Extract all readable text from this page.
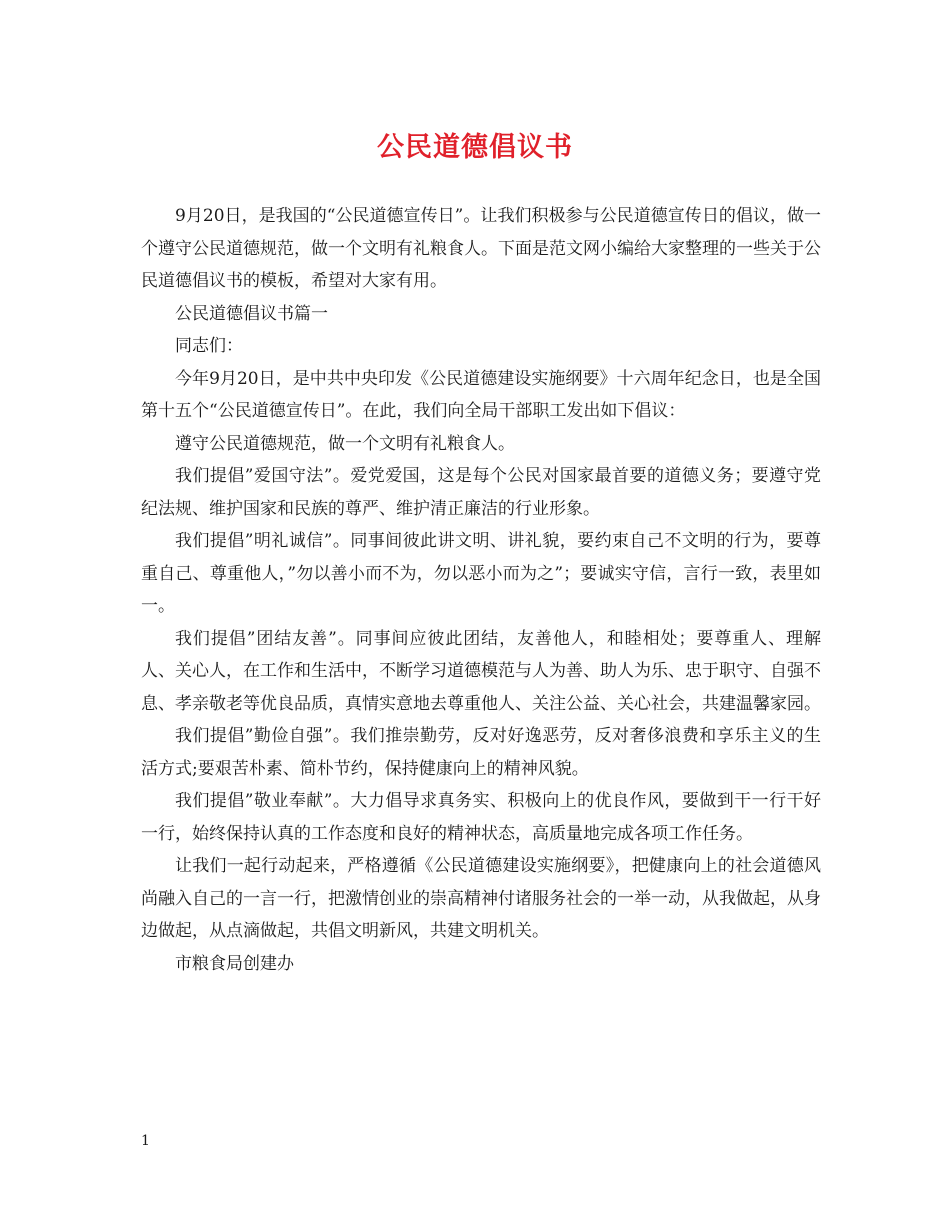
公民道德倡议书

9月20日，是我国的“公民道德宣传日”。让我们积极参与公民道德宣传日的倡议，做一个遵守公民道德规范，做一个文明有礼粮食人。下面是范文网小编给大家整理的一些关于公民道德倡议书的模板，希望对大家有用。

公民道德倡议书篇一

同志们：

今年9月20日，是中共中央印发《公民道德建设实施纲要》十六周年纪念日，也是全国第十五个“公民道德宣传日”。在此，我们向全局干部职工发出如下倡议：

遵守公民道德规范，做一个文明有礼粮食人。

我们提倡”爱国守法”。爱党爱国，这是每个公民对国家最首要的道德义务；要遵守党纪法规、维护国家和民族的尊严、维护清正廉洁的行业形象。

我们提倡”明礼诚信”。同事间彼此讲文明、讲礼貌，要约束自己不文明的行为，要尊重自己、尊重他人，”勿以善小而不为，勿以恶小而为之”；要诚实守信，言行一致，表里如一。

我们提倡”团结友善”。同事间应彼此团结，友善他人，和睦相处；要尊重人、理解人、关心人，在工作和生活中，不断学习道德模范与人为善、助人为乐、忠于职守、自强不息、孝亲敬老等优良品质，真情实意地去尊重他人、关注公益、关心社会，共建温馨家园。

我们提倡”勤俭自强”。我们推崇勤劳，反对好逸恶劳，反对奢侈浪费和享乐主义的生活方式;要艰苦朴素、简朴节约，保持健康向上的精神风貌。

我们提倡”敬业奉献”。大力倡导求真务实、积极向上的优良作风，要做到干一行干好一行，始终保持认真的工作态度和良好的精神状态，高质量地完成各项工作任务。

让我们一起行动起来，严格遵循《公民道德建设实施纲要》，把健康向上的社会道德风尚融入自己的一言一行，把激情创业的崇高精神付诸服务社会的一举一动，从我做起，从身边做起，从点滴做起，共倡文明新风，共建文明机关。

市粮食局创建办

1
